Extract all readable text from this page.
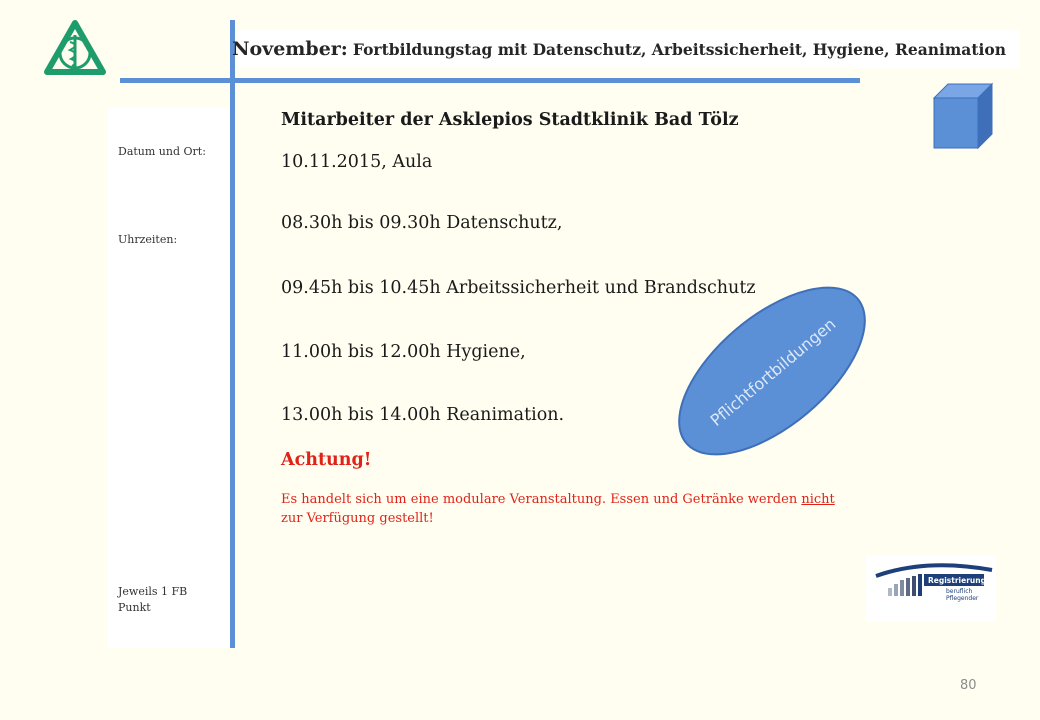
November:
Fortbildungstag mit Datenschutz, Arbeitssicherheit, Hygiene, Reanimation
Datum und Ort:
Uhrzeiten:
Jeweils 1 FB Punkt
Mitarbeiter der Asklepios Stadtklinik Bad Tölz
10.11.2015, Aula
08.30h bis 09.30h Datenschutz,
09.45h bis 10.45h Arbeitssicherheit und Brandschutz
11.00h bis 12.00h Hygiene,
13.00h bis 14.00h Reanimation.
Achtung!
Es handelt sich um eine modulare Veranstaltung. Essen und Getränke werden nicht zur Verfügung gestellt!
Pflichtfortbildungen
Registrierung
beruflich
Pflegender
80
